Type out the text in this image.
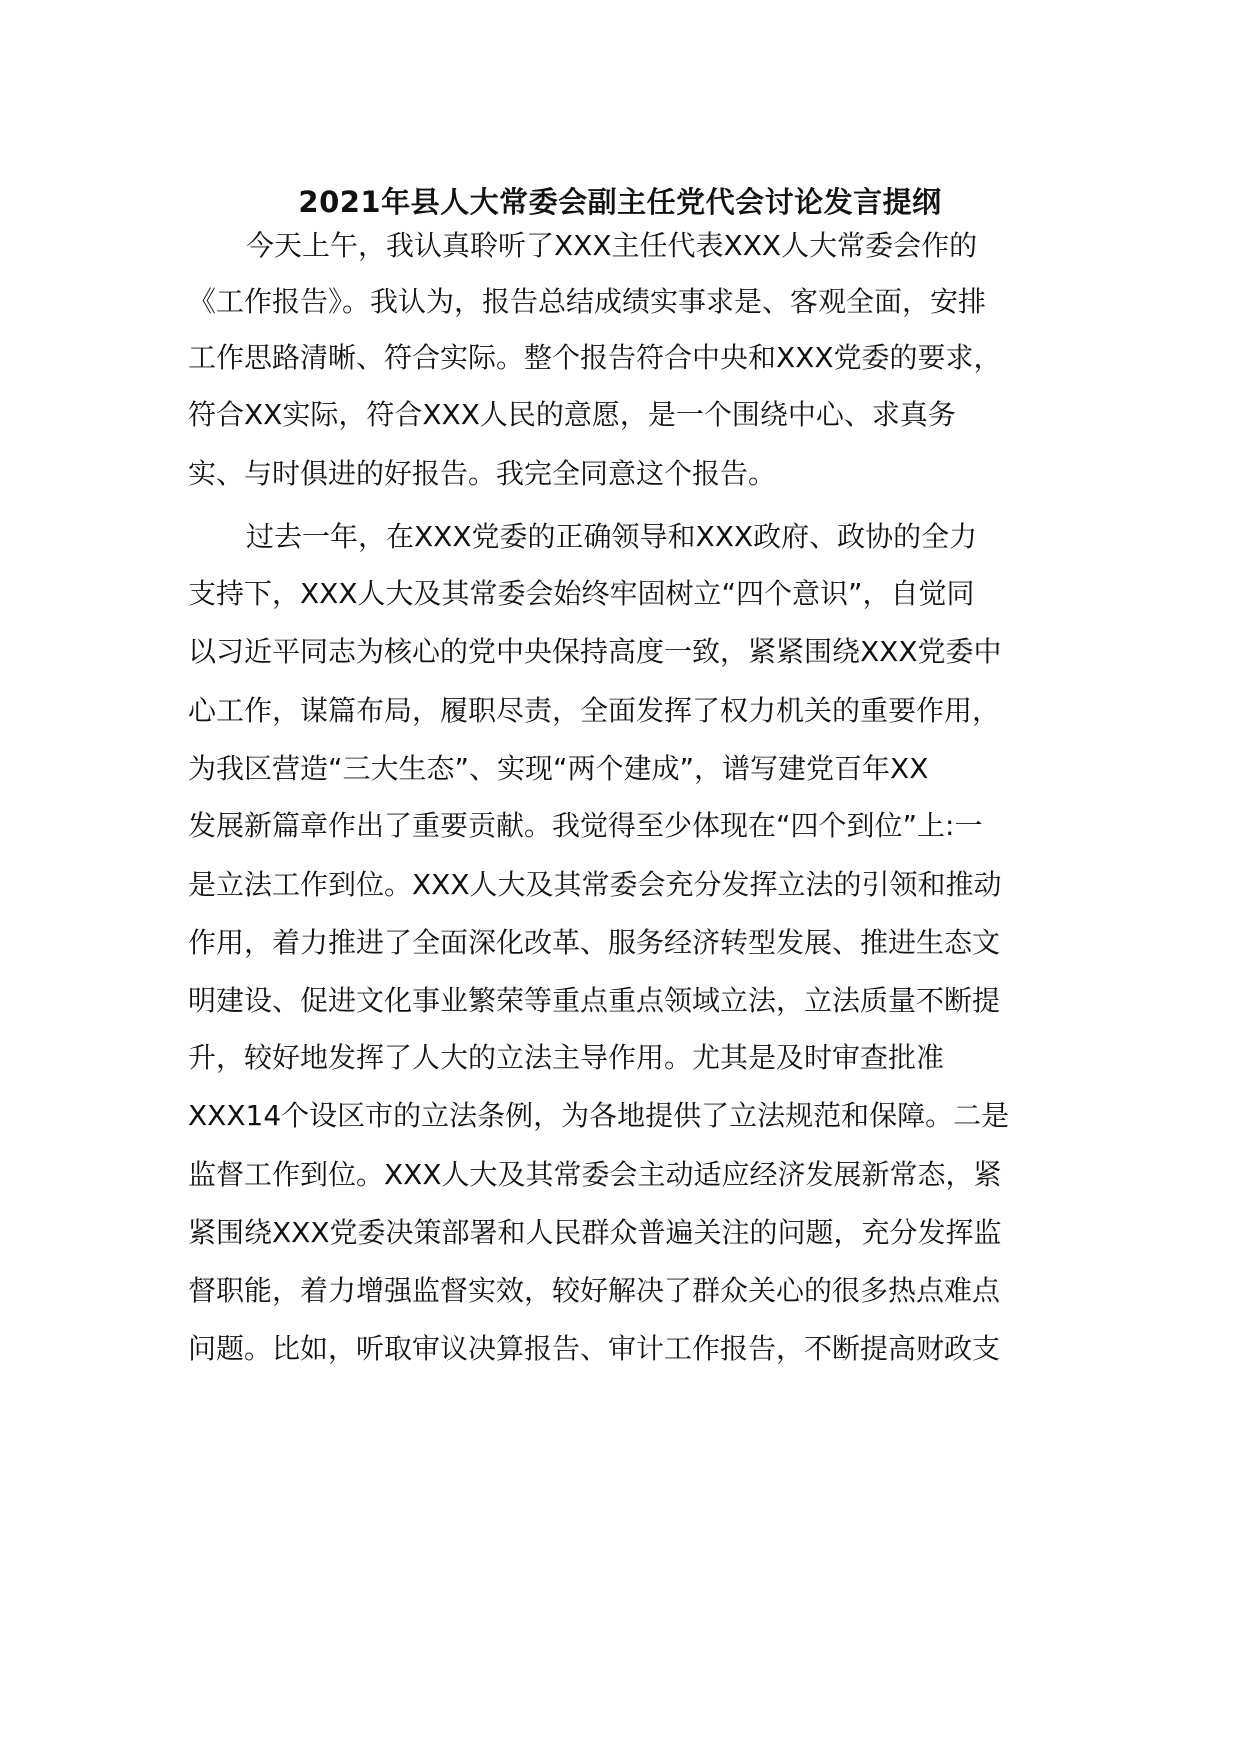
2021年县人大常委会副主任党代会讨论发言提纲

今天上午，我认真聆听了XXX主任代表XXX人大常委会作的

《工作报告》。我认为，报告总结成绩实事求是、客观全面，安排

工作思路清晰、符合实际。整个报告符合中央和XXX党委的要求，

符合XX实际，符合XXX人民的意愿，是一个围绕中心、求真务

实、与时俱进的好报告。我完全同意这个报告。

过去一年，在XXX党委的正确领导和XXX政府、政协的全力

支持下，XXX人大及其常委会始终牢固树立“四个意识”，自觉同

以习近平同志为核心的党中央保持高度一致，紧紧围绕XXX党委中

心工作，谋篇布局，履职尽责，全面发挥了权力机关的重要作用，

为我区营造“三大生态”、实现“两个建成”，谱写建党百年XX

发展新篇章作出了重要贡献。我觉得至少体现在“四个到位”上:一

是立法工作到位。XXX人大及其常委会充分发挥立法的引领和推动

作用，着力推进了全面深化改革、服务经济转型发展、推进生态文

明建设、促进文化事业繁荣等重点重点领域立法，立法质量不断提

升，较好地发挥了人大的立法主导作用。尤其是及时审查批准

XXX14个设区市的立法条例，为各地提供了立法规范和保障。二是

监督工作到位。XXX人大及其常委会主动适应经济发展新常态，紧

紧围绕XXX党委决策部署和人民群众普遍关注的问题，充分发挥监

督职能，着力增强监督实效，较好解决了群众关心的很多热点难点

问题。比如，听取审议决算报告、审计工作报告，不断提高财政支
